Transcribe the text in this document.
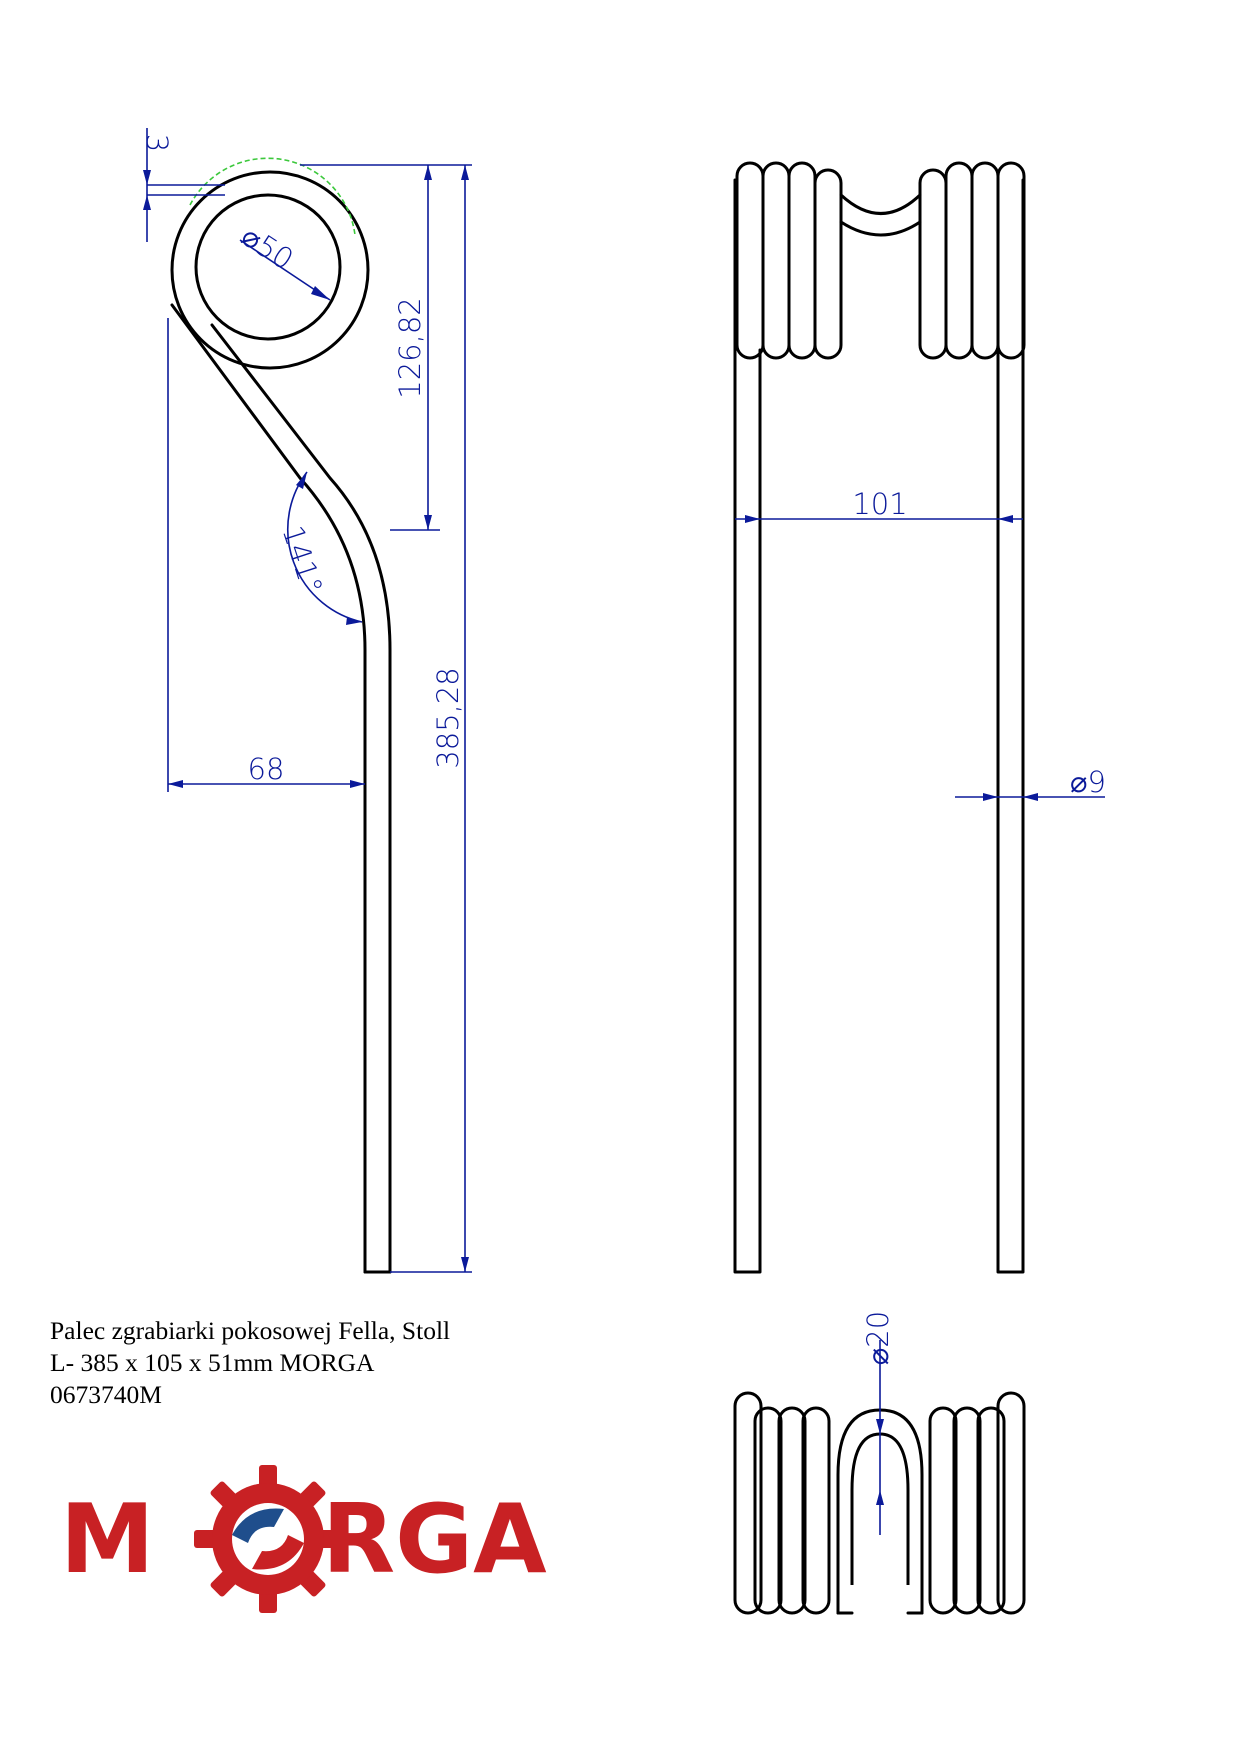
3
⌀50
126,82
385,28
141°
68
101
⌀9
⌀20
Palec zgrabiarki pokosowej Fella, Stoll
L- 385 x 105 x 51mm MORGA
0673740M
M RGA
